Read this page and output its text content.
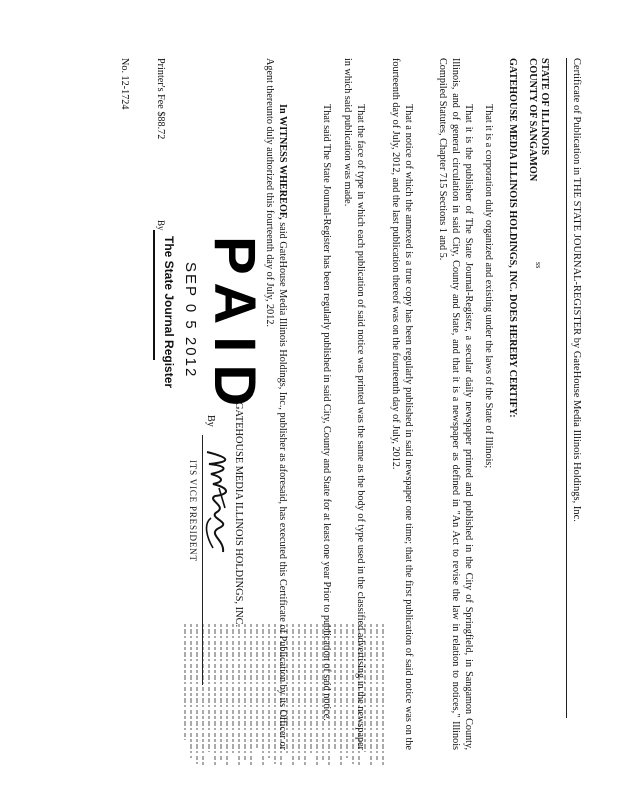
Certificate of Publication in THE STATE JOURNAL-REGISTER by GateHouse Media Illinois Holdings, Inc.

STATE OF ILLINOIS

COUNTY OF SANGAMON

ss

GATEHOUSE MEDIA ILLINOIS HOLDINGS, INC. DOES HEREBY CERTIFY:

That it is a corporation duly organized and existing under the laws of the State of Illinois;

That it is the publisher of The State Journal-Register, a secular daily newspaper printed and published in the City of Springfield, in Sangamon County, Illinois, and of general circulation in said City, County and State, and that it is a newspaper as defined in "An Act to revise the law in relation to notices," Illinois Compiled Statutes, Chapter 715 Sections 1 and 5.

That a notice of which the annexed is a true copy has been regularly published in said newspaper one time; that the first publication of said notice was on the fourteenth day of July, 2012, and the last publication thereof was on the fourteenth day of July, 2012.

That the face of type in which each publication of said notice was printed was the same as the body of type used in the classified advertising in the newspaper in which said publication was made.

That said The State Journal-Register has been regularly published in said City, County and State for at least one year Prior to publication of said notice.

In WITNESS WHEREOF, said GateHouse Media Illinois Holdings, Inc., publisher as aforesaid, has executed this Certificate of Publication by its Officer or Agent thereunto duly authorized this fourteenth day of July, 2012.

GATEHOUSE MEDIA ILLINOIS HOLDINGS, INC.

PAID
SEP 0 5 2012
The State Journal Register
By
ITS VICE PRESIDENT
Printer's Fee $88.72
By
No. 12-1724
